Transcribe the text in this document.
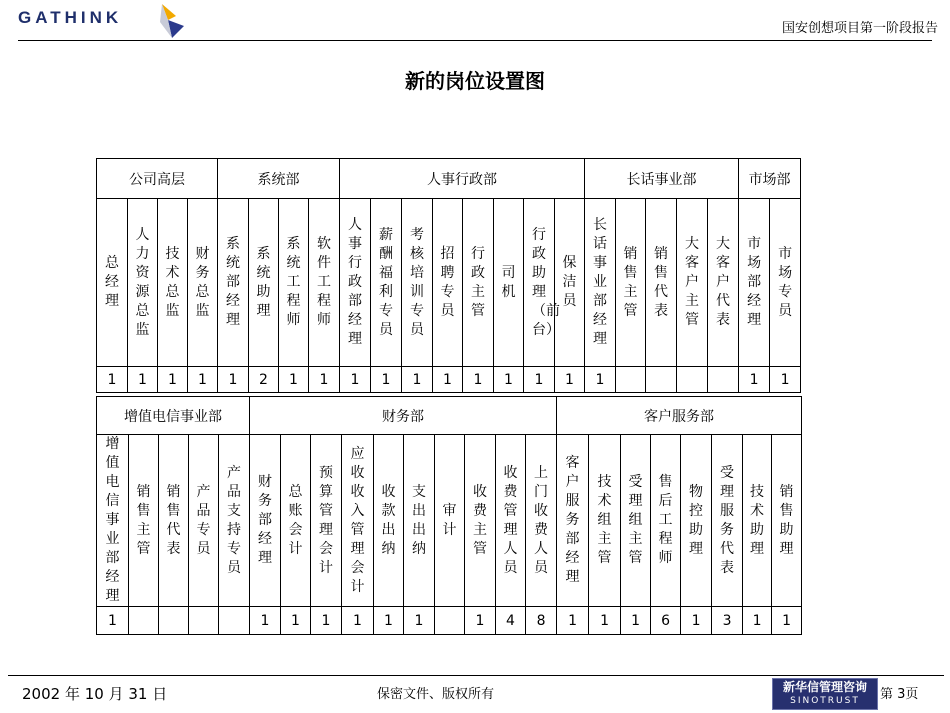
GATHINK
国安创想项目第一阶段报告
新的岗位设置图
公司高层				系统部				人事行政部								长话事业部					市场部	
总经理	人力资源总监	技术总监	财务总监	系统部经理	系统助理	系统工程师	软件工程师	人事行政部经理	薪酬福利专员	考核培训专员	招聘专员	行政主管	司机	行政助理（前台）	保洁员	长话事业部经理	销售主管	销售代表	大客户主管	大客户代表	市场部经理	市场专员
1	1	1	1	1	2	1	1	1	1	1	1	1	1	1	1	1					1	1
增值电信事业部					财务部										客户服务部							
增值电信事业部经理	销售主管	销售代表	产品专员	产品支持专员	财务部经理	总账会计	预算管理会计	应收收入管理会计	收款出纳	支出出纳	审计	收费主管	收费管理人员	上门收费人员	客户服务部经理	技术组主管	受理组主管	售后工程师	物控助理	受理服务代表	技术助理	销售助理
1					1	1	1	1	1	1		1	4	8	1	1	1	6	1	3	1	1
2002 年 10 月 31 日	保密文件、版权所有	新华信管理咨询
SINOTRUST	第 3页
